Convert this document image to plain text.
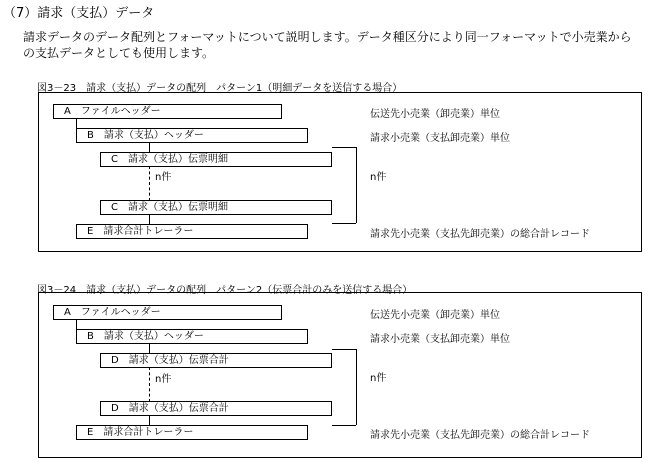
（7）請求（支払）データ
請求データのデータ配列とフォーマットについて説明します。データ種区分により同一フォーマットで小売業から
の支払データとしても使用します。
図3－23　請求（支払）データの配列　パターン1（明細データを送信する場合）
A　ファイルヘッダー
B　請求（支払）ヘッダー
C　請求（支払）伝票明細
n件
C　請求（支払）伝票明細
E　請求合計トレーラー
伝送先小売業（卸売業）単位
請求小売業（支払卸売業）単位
n件
請求先小売業（支払先卸売業）の総合計レコード
図3－24　請求（支払）データの配列　パターン2（伝票合計のみを送信する場合）
A　ファイルヘッダー
B　請求（支払）ヘッダー
D　請求（支払）伝票合計
n件
D　請求（支払）伝票合計
E　請求合計トレーラー
伝送先小売業（卸売業）単位
請求小売業（支払卸売業）単位
n件
請求先小売業（支払先卸売業）の総合計レコード
